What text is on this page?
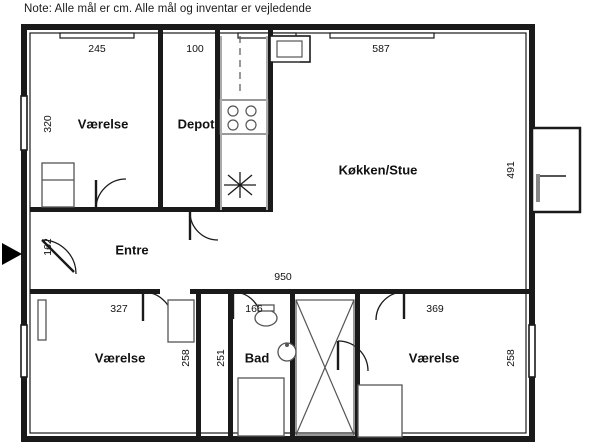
Note: Alle mål er cm. Alle mål og inventar er vejledende
Værelse	Depot
Køkken/Stue
Entre
Værelse	Bad	Værelse
245	100	587
320
491
162
950
327	166	369
258 251	258
